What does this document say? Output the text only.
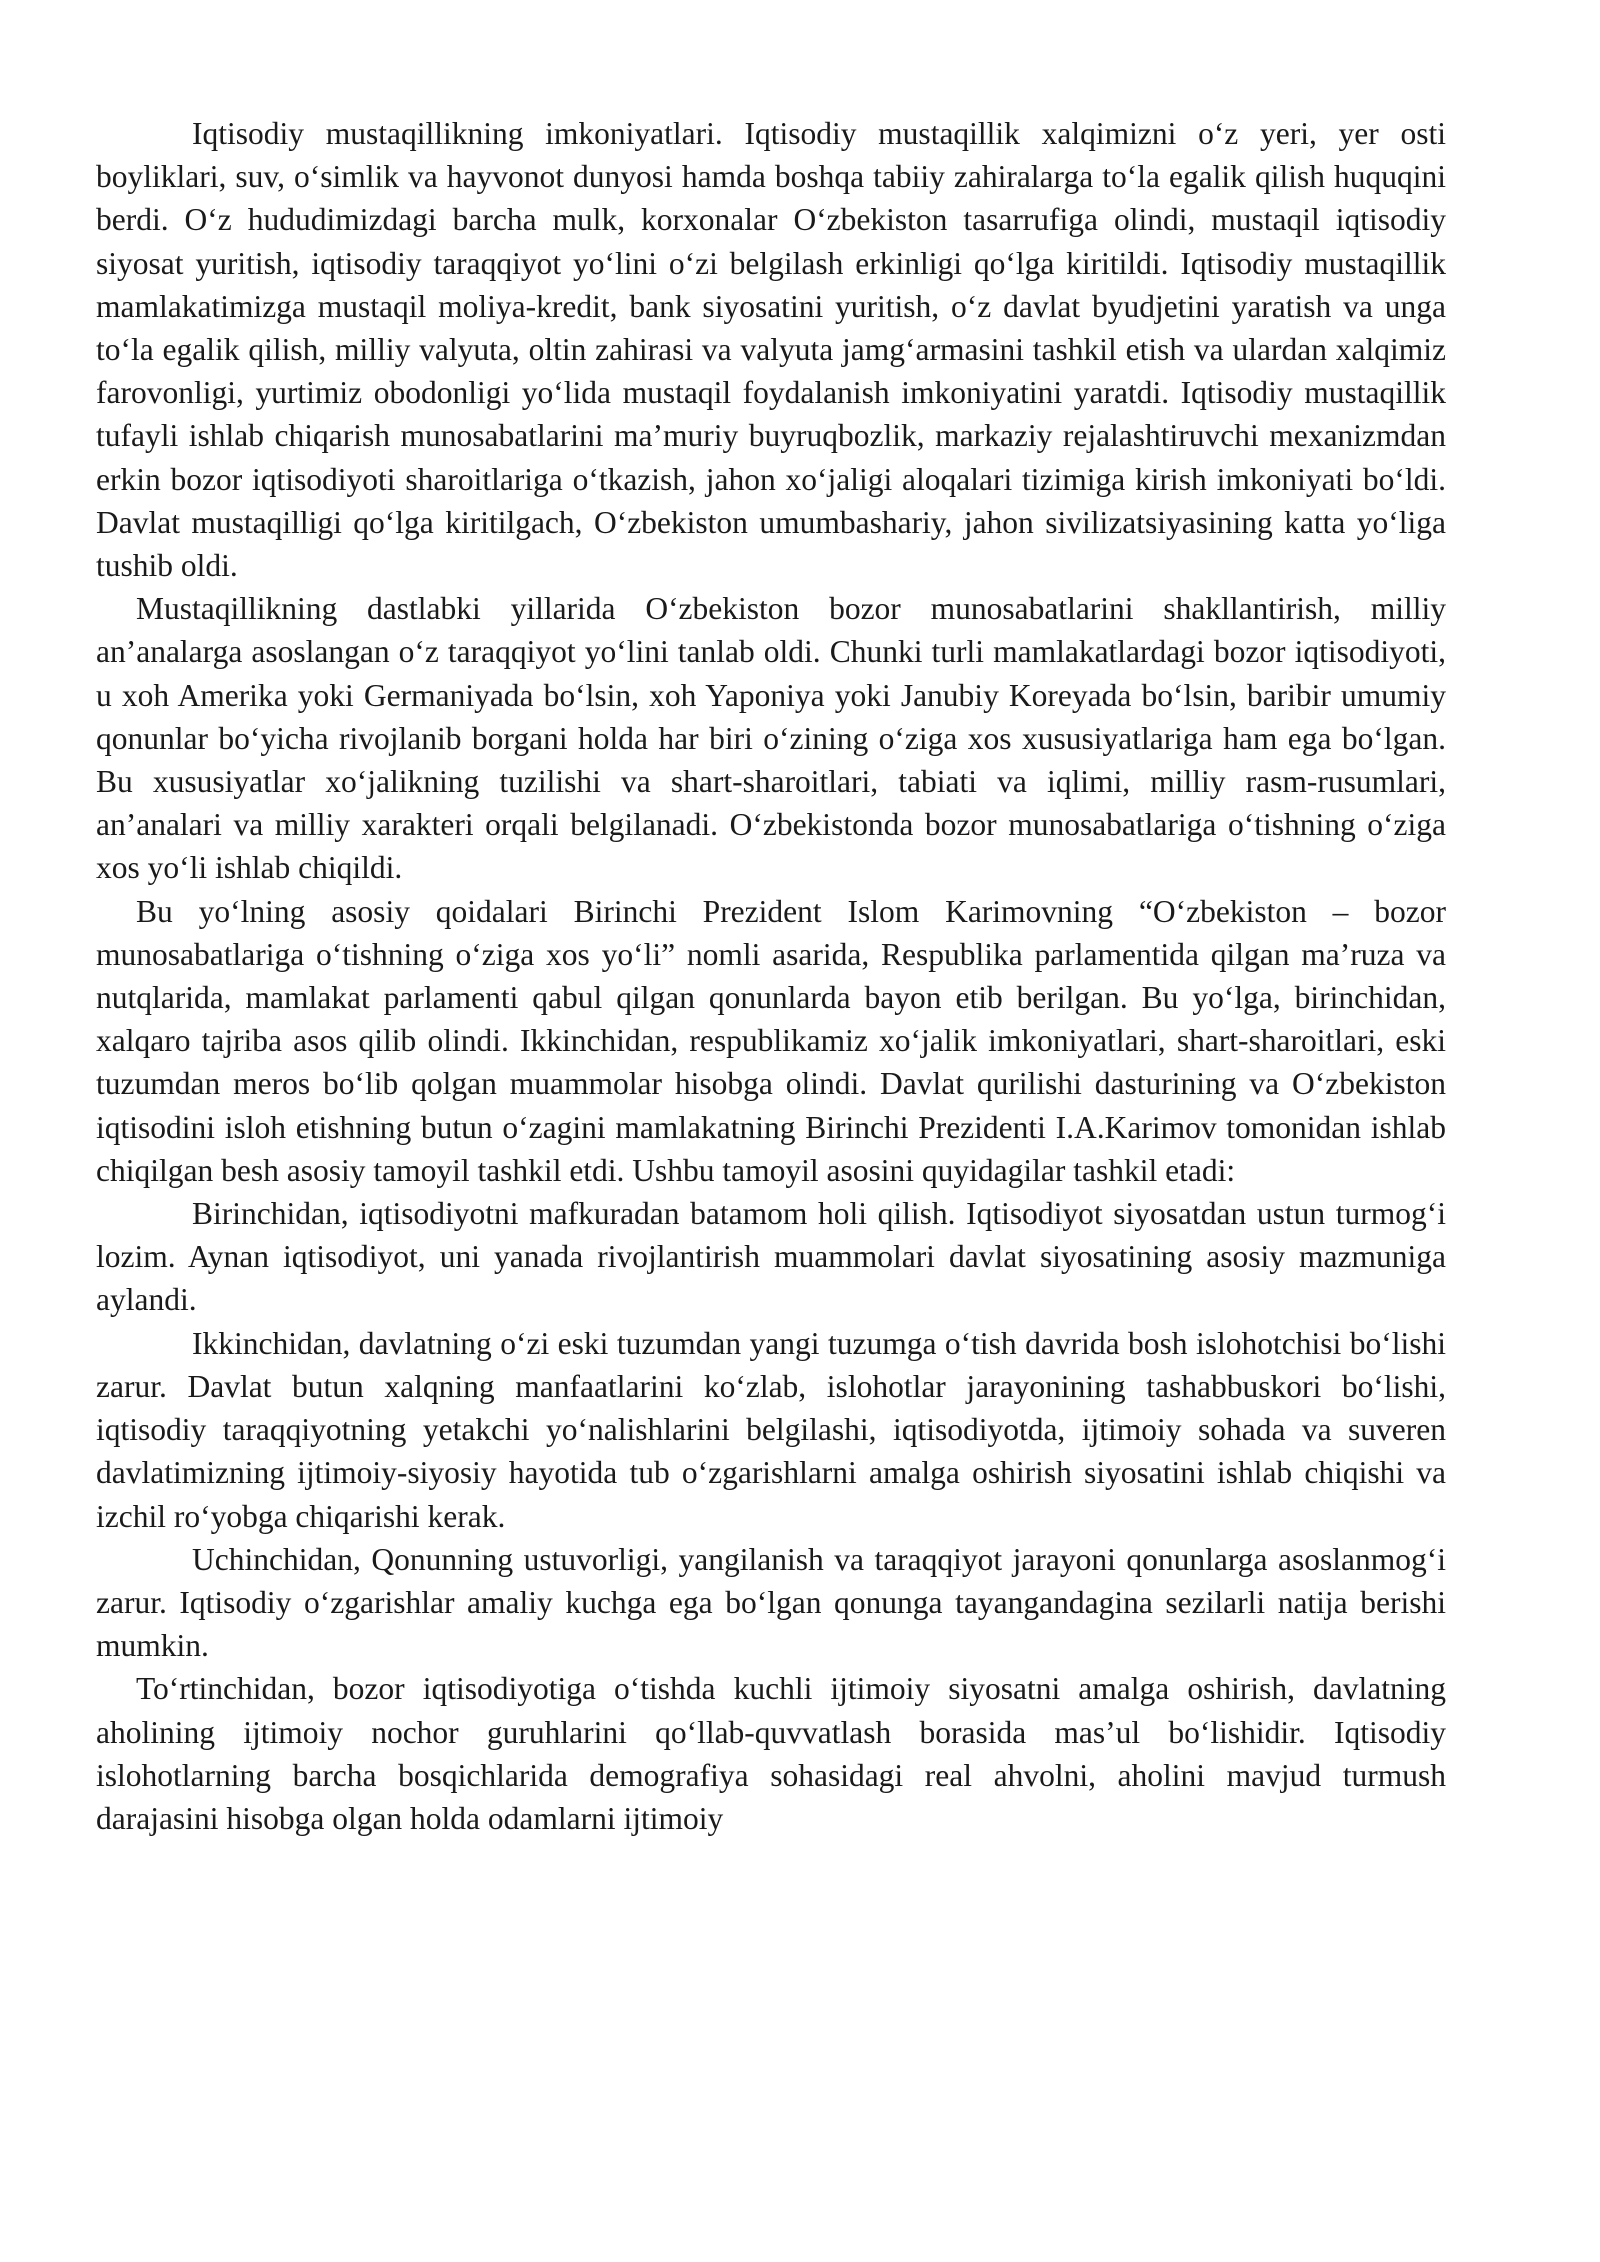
Iqtisodiy mustaqillikning imkoniyatlari. Iqtisodiy mustaqillik xalqimizni o‘z yeri, yer osti boyliklari, suv, o‘simlik va hayvonot dunyosi hamda boshqa tabiiy zahiralarga to‘la egalik qilish huquqini berdi. O‘z hududimizdagi barcha mulk, korxonalar O‘zbekiston tasarrufiga olindi, mustaqil iqtisodiy siyosat yuritish, iqtisodiy taraqqiyot yo‘lini o‘zi belgilash erkinligi qo‘lga kiritildi. Iqtisodiy mustaqillik mamlakatimizga mustaqil moliya-kredit, bank siyosatini yuritish, o‘z davlat byudjetini yaratish va unga to‘la egalik qilish, milliy valyuta, oltin zahirasi va valyuta jamg‘armasini tashkil etish va ulardan xalqimiz farovonligi, yurtimiz obodonligi yo‘lida mustaqil foydalanish imkoniyatini yaratdi. Iqtisodiy mustaqillik tufayli ishlab chiqarish munosabatlarini ma’muriy buyruqbozlik, markaziy rejalashtiruvchi mexanizmdan erkin bozor iqtisodiyoti sharoitlariga o‘tkazish, jahon xo‘jaligi aloqalari tizimiga kirish imkoniyati bo‘ldi. Davlat mustaqilligi qo‘lga kiritilgach, O‘zbekiston umumbashariy, jahon sivilizatsiyasining katta yo‘liga tushib oldi.

Mustaqillikning dastlabki yillarida O‘zbekiston bozor munosabatlarini shakllantirish, milliy an’analarga asoslangan o‘z taraqqiyot yo‘lini tanlab oldi. Chunki turli mamlakatlardagi bozor iqtisodiyoti, u xoh Amerika yoki Germaniyada bo‘lsin, xoh Yaponiya yoki Janubiy Koreyada bo‘lsin, baribir umumiy qonunlar bo‘yicha rivojlanib borgani holda har biri o‘zining o‘ziga xos xususiyatlariga ham ega bo‘lgan. Bu xususiyatlar xo‘jalikning tuzilishi va shart-sharoitlari, tabiati va iqlimi, milliy rasm-rusumlari, an’analari va milliy xarakteri orqali belgilanadi. O‘zbekistonda bozor munosabatlariga o‘tishning o‘ziga xos yo‘li ishlab chiqildi.

Bu yo‘lning asosiy qoidalari Birinchi Prezident Islom Karimovning “O‘zbekiston – bozor munosabatlariga o‘tishning o‘ziga xos yo‘li” nomli asarida, Respublika parlamentida qilgan ma’ruza va nutqlarida, mamlakat parlamenti qabul qilgan qonunlarda bayon etib berilgan. Bu yo‘lga, birinchidan, xalqaro tajriba asos qilib olindi. Ikkinchidan, respublikamiz xo‘jalik imkoniyatlari, shart-sharoitlari, eski tuzumdan meros bo‘lib qolgan muammolar hisobga olindi. Davlat qurilishi dasturining va O‘zbekiston iqtisodini isloh etishning butun o‘zagini mamlakatning Birinchi Prezidenti I.A.Karimov tomonidan ishlab chiqilgan besh asosiy tamoyil tashkil etdi. Ushbu tamoyil asosini quyidagilar tashkil etadi:

Birinchidan, iqtisodiyotni mafkuradan batamom holi qilish. Iqtisodiyot siyosatdan ustun turmog‘i lozim. Aynan iqtisodiyot, uni yanada rivojlantirish muammolari davlat siyosatining asosiy mazmuniga aylandi.

Ikkinchidan, davlatning o‘zi eski tuzumdan yangi tuzumga o‘tish davrida bosh islohotchisi bo‘lishi zarur. Davlat butun xalqning manfaatlarini ko‘zlab, islohotlar jarayonining tashabbuskori bo‘lishi, iqtisodiy taraqqiyotning yetakchi yo‘nalishlarini belgilashi, iqtisodiyotda, ijtimoiy sohada va suveren davlatimizning ijtimoiy-siyosiy hayotida tub o‘zgarishlarni amalga oshirish siyosatini ishlab chiqishi va izchil ro‘yobga chiqarishi kerak.

Uchinchidan, Qonunning ustuvorligi, yangilanish va taraqqiyot jarayoni qonunlarga asoslanmog‘i zarur. Iqtisodiy o‘zgarishlar amaliy kuchga ega bo‘lgan qonunga tayangandagina sezilarli natija berishi mumkin.

To‘rtinchidan, bozor iqtisodiyotiga o‘tishda kuchli ijtimoiy siyosatni amalga oshirish, davlatning aholining ijtimoiy nochor guruhlarini qo‘llab-quvvatlash borasida mas’ul bo‘lishidir. Iqtisodiy islohotlarning barcha bosqichlarida demografiya sohasidagi real ahvolni, aholini mavjud turmush darajasini hisobga olgan holda odamlarni ijtimoiy
